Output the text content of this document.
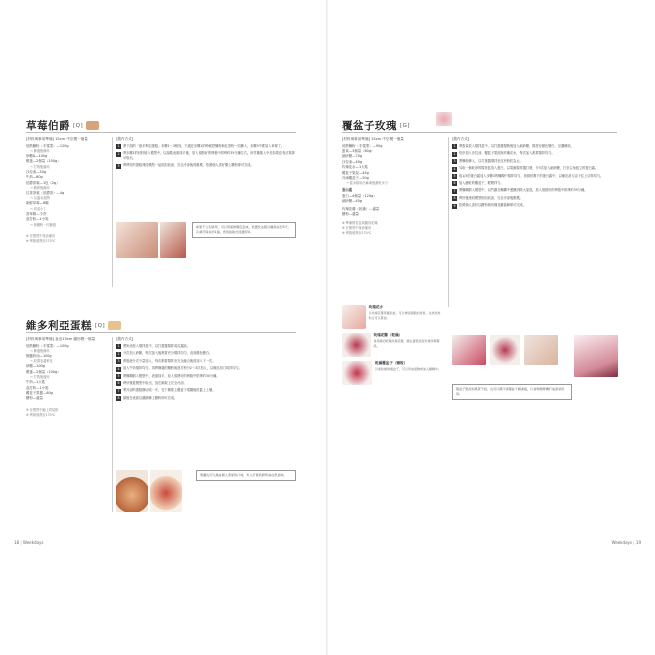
草莓伯爵 [Q]
[材料與事前準備] 15cm 中空模一個量
低筋麵粉（手揉型）—120g
→ 篩過後備用
砂糖A—105g
雞蛋—2個量（100g）
→ 打散後備用
沙拉油—50g
牛奶—60g
伯爵茶葉—1包（2g）
→ 磨碎後備用
紅茶茶葉（伯爵茶）—4g
→ 以溫水泡開
新鮮草莓—6顆
→ 切成小丁
香草精—少許
泡打粉—1小匙
→ 與麵粉一同篩過
※ 在模型中抹油備用
※ 烤箱預熱至170℃
[製作方式]
1	將下面的「維多利亞蛋糕」步驟1～3相同，不過在步驟1的時候把麵粉與紅茶粉一同篩入，步驟3中要加入草莓丁。
2	將步驟1的材料倒入模型中，以湯匙表面抹平後，放入預熱好的烤箱中烘烤約35分鐘左右。用竹籤插入中央如果沒有沾黏即可取出。
3	將烤好的蛋糕連同模型一起倒扣放涼，完全冷卻後再脫模，依照個人喜好撒上糖粉即可完成。
如果不立刻享用，可以用保鮮膜包起來，放置於冰箱冷藏保存約3天；冷凍可保存約1週。食用前取出回溫即可。
維多利亞蛋糕 [Q]
[材料與事前準備] 直徑15cm 圓形模一個量
低筋麵粉（手揉型）—100g
→ 篩過後備用
無鹽奶油—100g
→ 放置室溫軟化
砂糖—100g
雞蛋—2個量（100g）
→ 打散後備用
牛奶—1大匙
泡打粉—1小匙
覆盆子果醬—60g
糖粉—適量
※ 在模型中鋪上烘焙紙
※ 烤箱預熱至170℃
[製作方式]
1	將奶油放入攪拌盆中，以打蛋器攪拌成乳霜狀。
2	分次加入砂糖，每次加入後都要充分攪拌均勻，直到顏色變白。
3	將蛋液分次少量加入，每次都要攪拌至完全融合後再加入下一次。
4	加入牛奶攪拌均勻，再將篩過的麵粉與泡打粉分2～3次加入，以橡皮刮刀切拌均勻。
5	將麵糊倒入模型中，表面抹平，放入預熱好的烤箱中烘烤約30分鐘。
6	烤好後從模型中取出，放在網架上完全冷卻。
7	將冷卻的蛋糕橫切成一半，在下層塗上覆盆子果醬後再蓋上上層。
8	最後在表面以濾網篩上糖粉即可完成。
果醬也可以換成個人喜愛的口味，夾入打發的鮮奶油也很美味。
18 | Weekdays
覆盆子玫瑰 [G]
[材料與事前準備] 15cm 中空模一個量
低筋麵粉（手揉型）—90g
蛋黃—3個量（60g）
細砂糖—70g
沙拉油—40g
玫瑰花水—1大匙
覆盆子果泥—45g
冷凍覆盆子—50g
→ 從冰箱取出解凍後瀝乾水分
蛋白霜
蛋白—4個量（120g）
細砂糖—40g
玫瑰花瓣（乾燥）—適量
糖粉—適量
※ 準備擠花袋與圓形花嘴
※ 在模型中抹油備用
※ 烤箱預熱至170℃
[製作方式]
1	將蛋黃放入攪拌盆中，以打蛋器攪散後加入細砂糖，攪拌至顏色變白、呈濃稠狀。
2	依序加入沙拉油、覆盆子果泥與玫瑰花水，每次加入都要攪拌均勻。
3	將麵粉篩入，以打蛋器攪拌至沒有粉粒為止。
4	另取一個乾淨的攪拌盆放入蛋白，以電動攪拌器打發，分3次加入細砂糖，打至尖角挺立的蛋白霜。
5	取1/3的蛋白霜加入步驟3的麵糊中攪拌均勻，再倒回剩下的蛋白霜中，以橡皮刮刀由下往上切拌均勻。
6	加入瀝乾的覆盆子，輕輕拌勻。
7	將麵糊倒入模型中，以竹籤在麵糊中畫圈消除大氣泡，放入預熱好的烤箱中烘烤約35分鐘。
8	烤好後連同模型倒扣放涼，完全冷卻後脫模。
9	依照個人喜好以糖粉與玫瑰花瓣裝飾即可完成。
玫瑰花水
以玫瑰花瓣蒸餾而成，可以增添甜點的香氣。在烘焙材料行可以買到。
玫瑰花瓣（乾燥）
食用級的乾燥玫瑰花瓣，撒在蛋糕表面可增添華麗感。
乾燥覆盆子（顆粒）
冷凍乾燥的覆盆子，可以用來裝飾或加入麵糊中。
覆盆子果泥如果買不到，也可以將冷凍覆盆子解凍後，以食物調理機打成泥狀使用。
Weekdays | 19
